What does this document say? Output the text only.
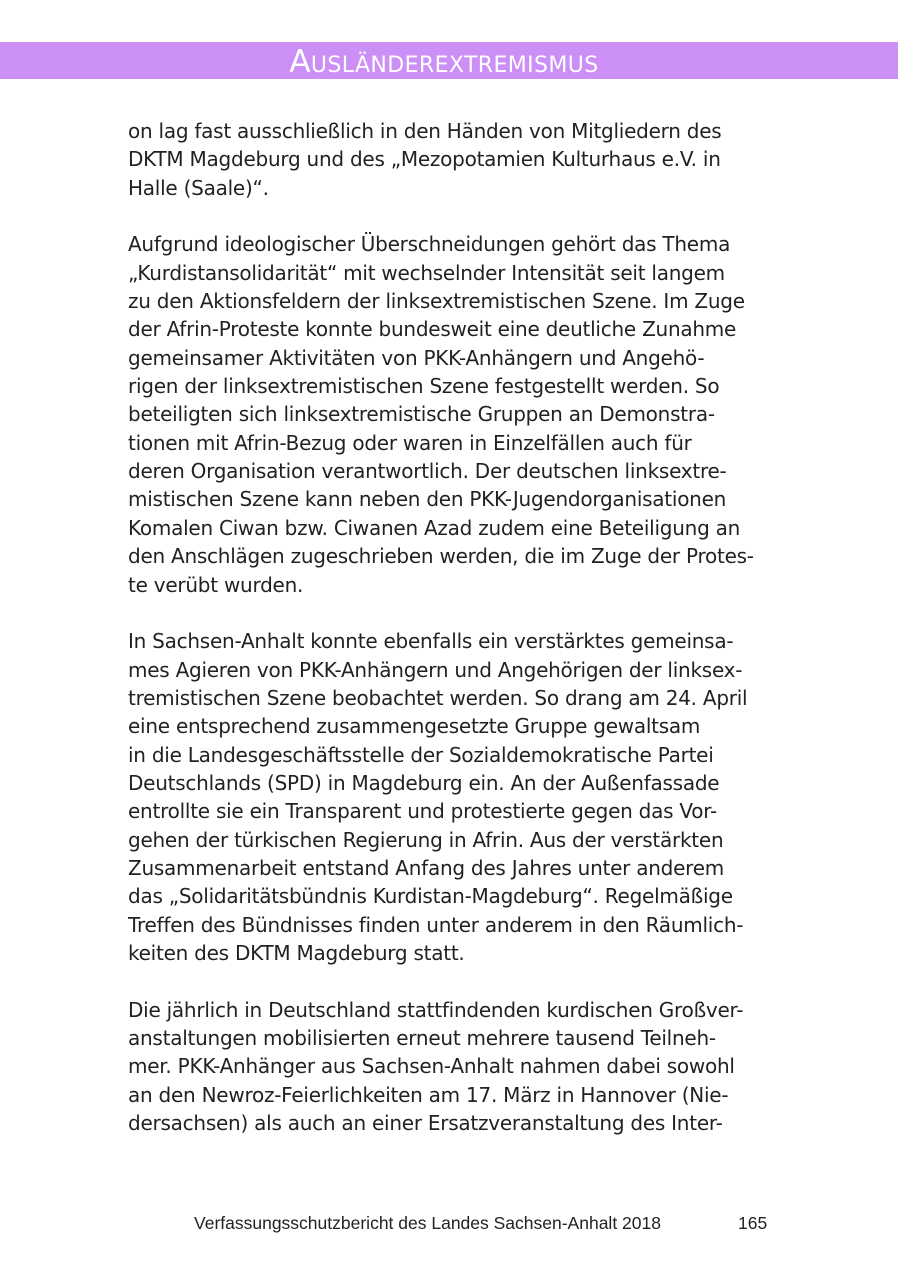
Ausländerextremismus
on lag fast ausschließlich in den Händen von Mitgliedern des
DKTM Magdeburg und des „Mezopotamien Kulturhaus e.V. in
Halle (Saale)“.
Aufgrund ideologischer Überschneidungen gehört das Thema
„Kurdistansolidarität“ mit wechselnder Intensität seit langem
zu den Aktionsfeldern der linksextremistischen Szene. Im Zuge
der Afrin-Proteste konnte bundesweit eine deutliche Zunahme
gemeinsamer Aktivitäten von PKK-Anhängern und Angehö-
rigen der linksextremistischen Szene festgestellt werden. So
beteiligten sich linksextremistische Gruppen an Demonstra-
tionen mit Afrin-Bezug oder waren in Einzelfällen auch für
deren Organisation verantwortlich. Der deutschen linksextre-
mistischen Szene kann neben den PKK-Jugendorganisationen
Komalen Ciwan bzw. Ciwanen Azad zudem eine Beteiligung an
den Anschlägen zugeschrieben werden, die im Zuge der Protes-
te verübt wurden.
In Sachsen-Anhalt konnte ebenfalls ein verstärktes gemeinsa-
mes Agieren von PKK-Anhängern und Angehörigen der linksex-
tremistischen Szene beobachtet werden. So drang am 24. April
eine entsprechend zusammengesetzte Gruppe gewaltsam
in die Landesgeschäftsstelle der Sozialdemokratische Partei
Deutschlands (SPD) in Magdeburg ein. An der Außenfassade
entrollte sie ein Transparent und protestierte gegen das Vor-
gehen der türkischen Regierung in Afrin. Aus der verstärkten
Zusammenarbeit entstand Anfang des Jahres unter anderem
das „Solidaritätsbündnis Kurdistan-Magdeburg“. Regelmäßige
Treffen des Bündnisses finden unter anderem in den Räumlich-
keiten des DKTM Magdeburg statt.
Die jährlich in Deutschland stattfindenden kurdischen Großver-
anstaltungen mobilisierten erneut mehrere tausend Teilneh-
mer. PKK-Anhänger aus Sachsen-Anhalt nahmen dabei sowohl
an den Newroz-Feierlichkeiten am 17. März in Hannover (Nie-
dersachsen) als auch an einer Ersatzveranstaltung des Inter-
Verfassungsschutzbericht des Landes Sachsen-Anhalt 2018	165
